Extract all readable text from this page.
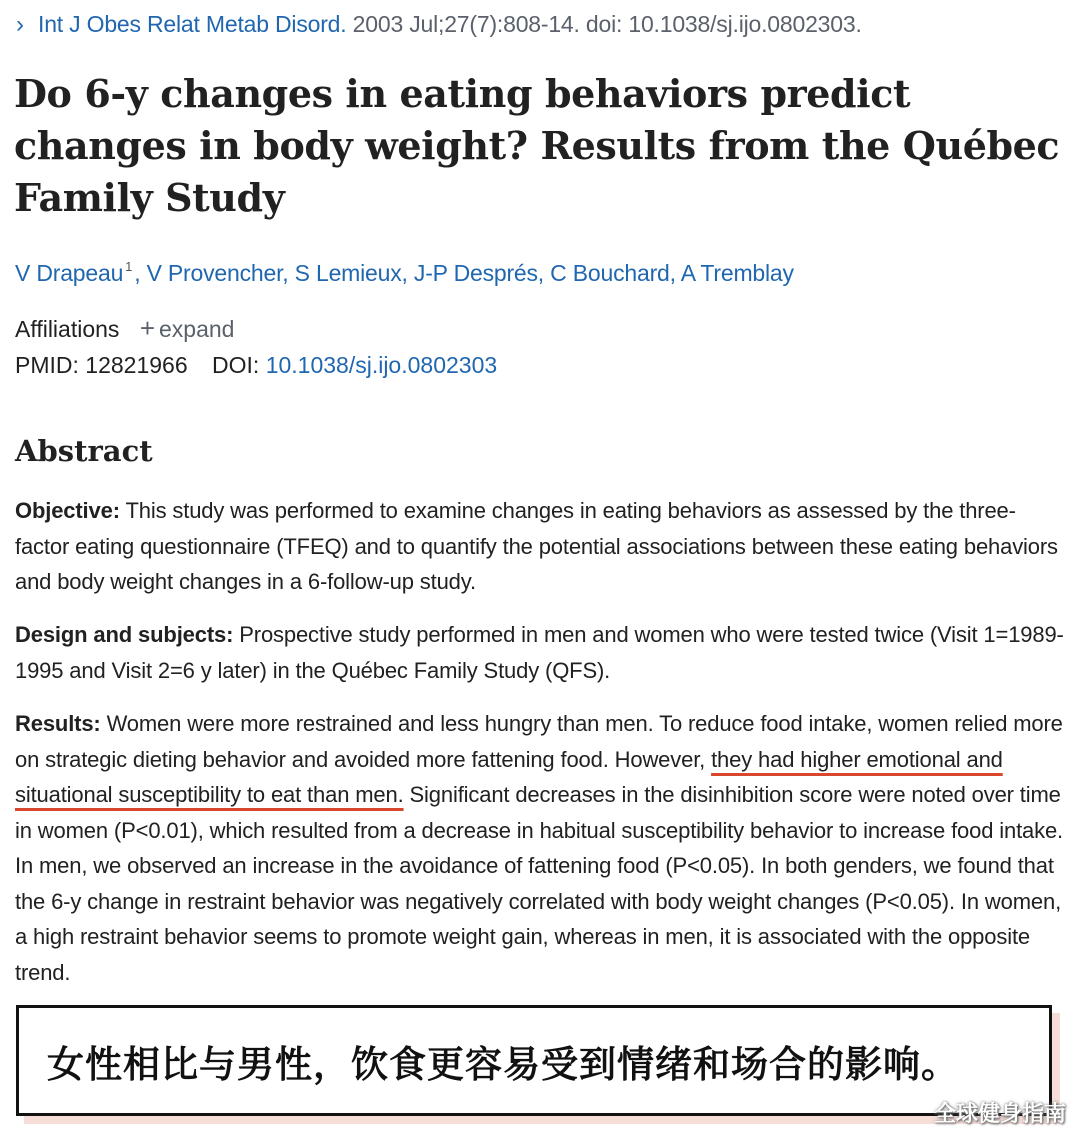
› Int J Obes Relat Metab Disord. 2003 Jul;27(7):808-14. doi: 10.1038/sj.ijo.0802303.
Do 6-y changes in eating behaviors predict changes in body weight? Results from the Québec Family Study
V Drapeau $^1$, V Provencher, S Lemieux, J-P Després, C Bouchard, A Tremblay
Affiliations + expand
PMID: 12821966 DOI: 10.1038/sj.ijo.0802303
Abstract

Objective: This study was performed to examine changes in eating behaviors as assessed by the three-factor eating questionnaire (TFEQ) and to quantify the potential associations between these eating behaviors and body weight changes in a 6-follow-up study.

Design and subjects: Prospective study performed in men and women who were tested twice (Visit 1=1989-1995 and Visit 2=6 y later) in the Québec Family Study (QFS).

Results: Women were more restrained and less hungry than men. To reduce food intake, women relied more on strategic dieting behavior and avoided more fattening food. However, they had higher emotional and situational susceptibility to eat than men. Significant decreases in the disinhibition score were noted over time in women (P<0.01), which resulted from a decrease in habitual susceptibility behavior to increase food intake. In men, we observed an increase in the avoidance of fattening food (P<0.05). In both genders, we found that the 6-y change in restraint behavior was negatively correlated with body weight changes (P<0.05). In women, a high restraint behavior seems to promote weight gain, whereas in men, it is associated with the opposite trend.

女性相比与男性，饮食更容易受到情绪和场合的影响。
全球健身指南
